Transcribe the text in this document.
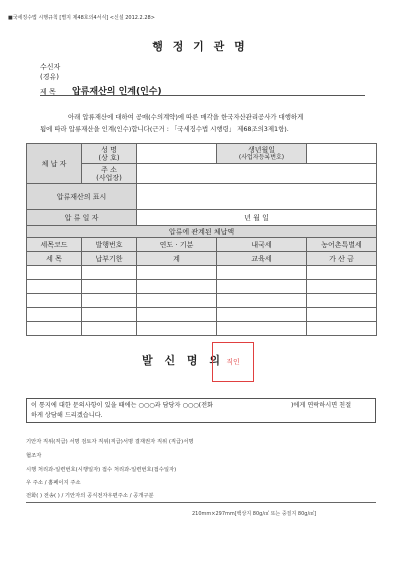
■국세징수법 시행규칙 [별지 제48호의4서식] <신설 2012.2.28>
행 정 기 관 명
수신자
(경유)
제 목 압류재산의 인계(인수)

아래 압류재산에 대하여 공매(수의계약)에 따른 매각을 한국자산관리공사가 대행하게

됨에 따라 압류재산을 인계(인수)합니다(근거 : 「국세징수법 시행령」 제68조의3제1항).

체 납 자	성 명
(상 호)		생년월일
(사업자등록번호)	

	주 소
(사업장)			

압류재산의 표시				
압 류 일 자		년 월 일		
압류에 관계된 체납액				
세목코드	발행번호	연도 · 기분	내국세	농어촌특별세
세 목	납부기한	계	교육세	가 산 금

발 신 명 의 직인
이 통지에 대한 문의사항이 있을 때에는 ○○○과 담당자 ○○○(전화	)에게 연락하시면 친절
하게 상담해 드리겠습니다.
기안자 직위(직급) 서명 검토자 직위(직급)서명 결재권자 직위 (직급)서명
협조자
시행 처리과-일련번호(시행일자) 접수 처리과-일련번호(접수일자)
우 주소 / 홈페이지 주소
전화( ) 전송( ) / 기안자의 공식전자우편주소 / 공개구분
210mm×297mm[백상지 80g/㎡ 또는 중질지 80g/㎡]
